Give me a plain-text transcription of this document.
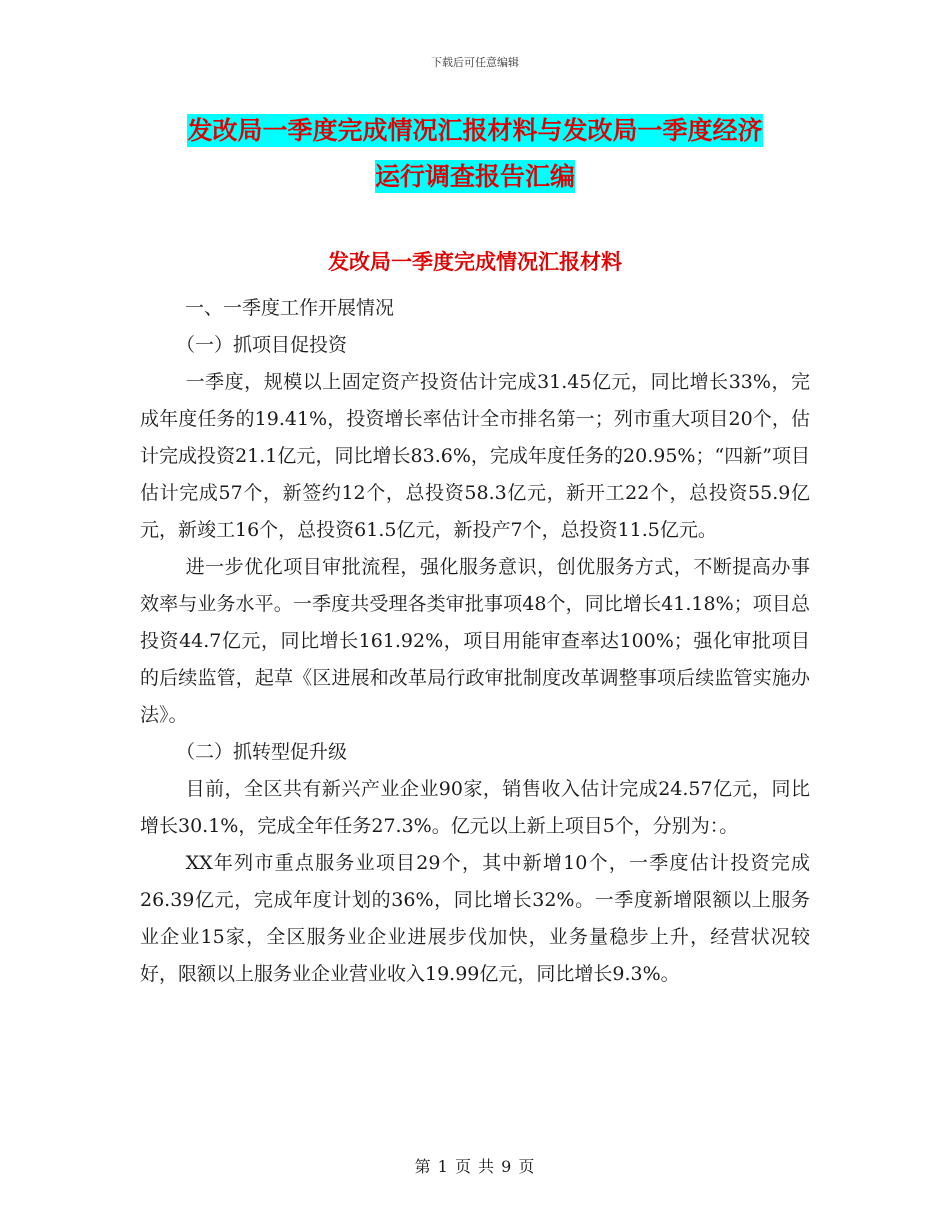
下载后可任意编辑
发改局一季度完成情况汇报材料与发改局一季度经济
运行调查报告汇编
发改局一季度完成情况汇报材料

一、一季度工作开展情况

（一）抓项目促投资

一季度，规模以上固定资产投资估计完成31.45亿元，同比增长33%，完成年度任务的19.41%，投资增长率估计全市排名第一；列市重大项目20个，估计完成投资21.1亿元，同比增长83.6%，完成年度任务的20.95%；“四新”项目估计完成57个，新签约12个，总投资58.3亿元，新开工22个，总投资55.9亿元，新竣工16个，总投资61.5亿元，新投产7个，总投资11.5亿元。

进一步优化项目审批流程，强化服务意识，创优服务方式，不断提高办事效率与业务水平。一季度共受理各类审批事项48个，同比增长41.18%；项目总投资44.7亿元，同比增长161.92%，项目用能审查率达100%；强化审批项目的后续监管，起草《区进展和改革局行政审批制度改革调整事项后续监管实施办法》。

（二）抓转型促升级

目前，全区共有新兴产业企业90家，销售收入估计完成24.57亿元，同比增长30.1%，完成全年任务27.3%。亿元以上新上项目5个，分别为：。

XX年列市重点服务业项目29个，其中新增10个，一季度估计投资完成26.39亿元，完成年度计划的36%，同比增长32%。一季度新增限额以上服务业企业15家，全区服务业企业进展步伐加快，业务量稳步上升，经营状况较好，限额以上服务业企业营业收入19.99亿元，同比增长9.3%。

第 1 页 共 9 页
